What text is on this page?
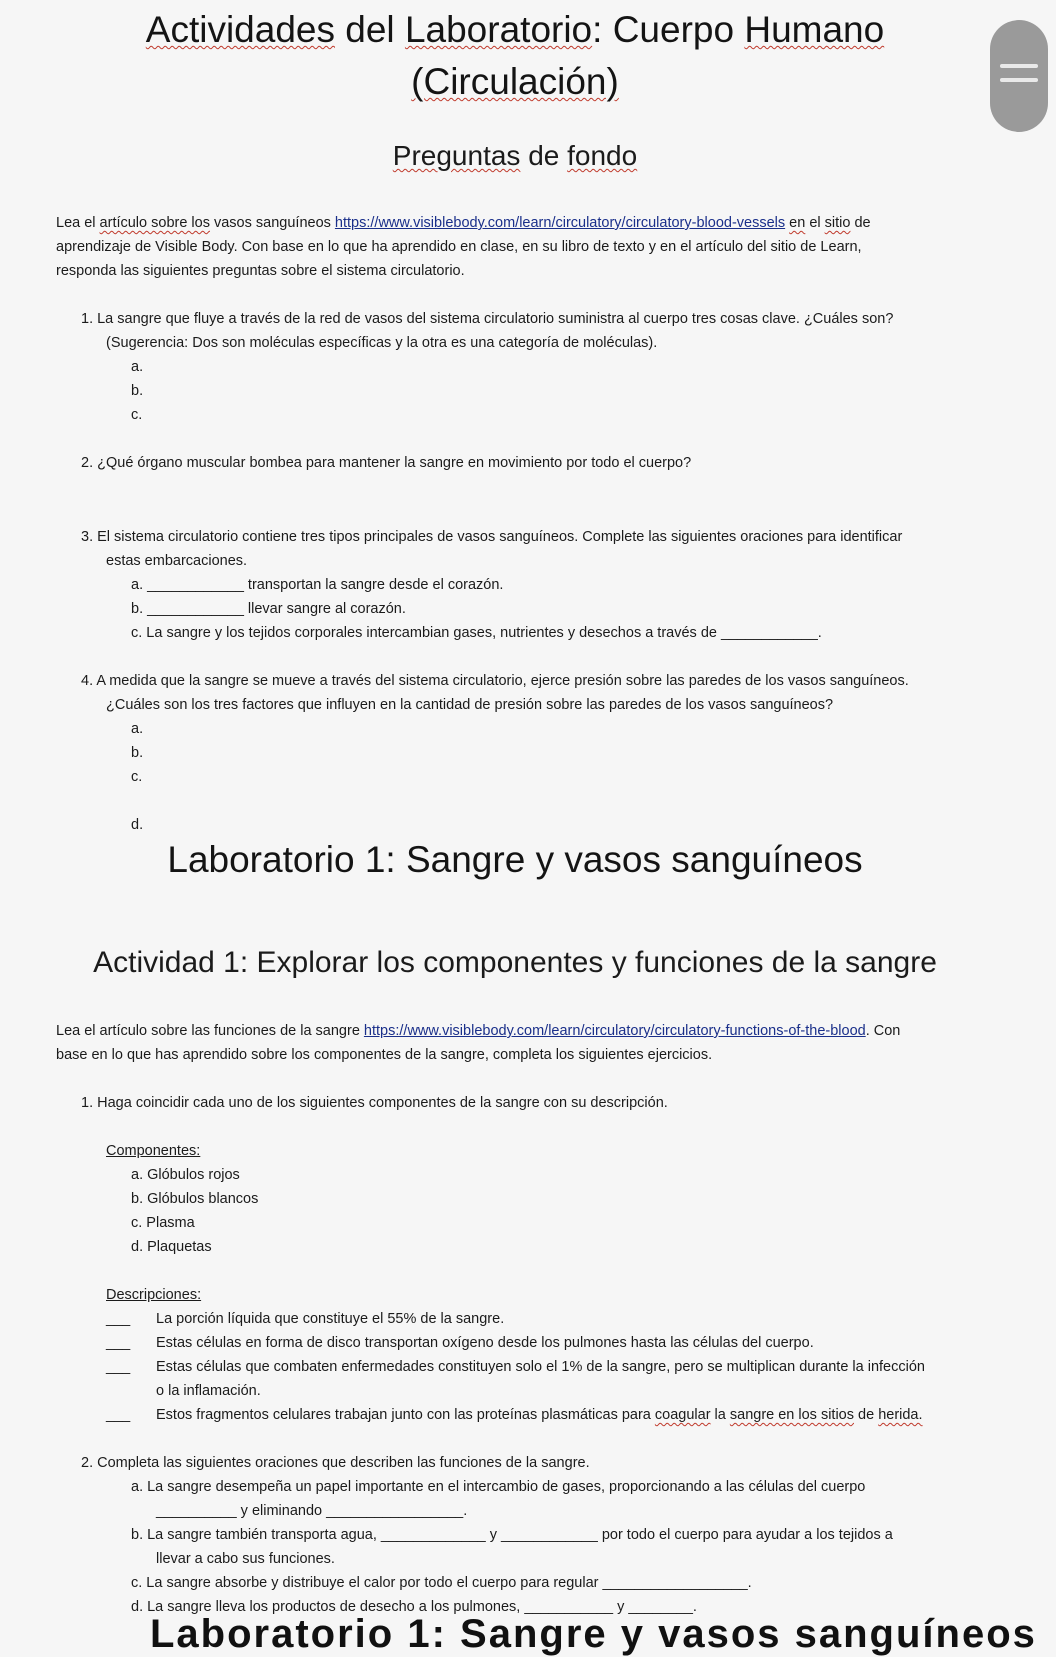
Actividades del Laboratorio: Cuerpo Humano
(Circulación)
Preguntas de fondo
Lea el artículo sobre los vasos sanguíneos https://www.visiblebody.com/learn/circulatory/circulatory-blood-vessels en el sitio de
aprendizaje de Visible Body. Con base en lo que ha aprendido en clase, en su libro de texto y en el artículo del sitio de Learn,
responda las siguientes preguntas sobre el sistema circulatorio.
1. La sangre que fluye a través de la red de vasos del sistema circulatorio suministra al cuerpo tres cosas clave. ¿Cuáles son?
(Sugerencia: Dos son moléculas específicas y la otra es una categoría de moléculas).
a.
b.
c.
2. ¿Qué órgano muscular bombea para mantener la sangre en movimiento por todo el cuerpo?
3. El sistema circulatorio contiene tres tipos principales de vasos sanguíneos. Complete las siguientes oraciones para identificar
estas embarcaciones.
a. ____________ transportan la sangre desde el corazón.
b. ____________ llevar sangre al corazón.
c. La sangre y los tejidos corporales intercambian gases, nutrientes y desechos a través de ____________.
4. A medida que la sangre se mueve a través del sistema circulatorio, ejerce presión sobre las paredes de los vasos sanguíneos.
¿Cuáles son los tres factores que influyen en la cantidad de presión sobre las paredes de los vasos sanguíneos?
a.
b.
c.
d.
Laboratorio 1: Sangre y vasos sanguíneos
Actividad 1: Explorar los componentes y funciones de la sangre
Lea el artículo sobre las funciones de la sangre https://www.visiblebody.com/learn/circulatory/circulatory-functions-of-the-blood. Con
base en lo que has aprendido sobre los componentes de la sangre, completa los siguientes ejercicios.
1. Haga coincidir cada uno de los siguientes componentes de la sangre con su descripción.
Componentes:
a. Glóbulos rojos
b. Glóbulos blancos
c. Plasma
d. Plaquetas
Descripciones:
___ La porción líquida que constituye el 55% de la sangre.
___ Estas células en forma de disco transportan oxígeno desde los pulmones hasta las células del cuerpo.
___ Estas células que combaten enfermedades constituyen solo el 1% de la sangre, pero se multiplican durante la infección
o la inflamación.
___ Estos fragmentos celulares trabajan junto con las proteínas plasmáticas para coagular la sangre en los sitios de herida.
2. Completa las siguientes oraciones que describen las funciones de la sangre.
a. La sangre desempeña un papel importante en el intercambio de gases, proporcionando a las células del cuerpo
__________ y eliminando _________________.
b. La sangre también transporta agua, _____________ y ____________ por todo el cuerpo para ayudar a los tejidos a
llevar a cabo sus funciones.
c. La sangre absorbe y distribuye el calor por todo el cuerpo para regular __________________.
d. La sangre lleva los productos de desecho a los pulmones, ___________ y ________.
Laboratorio 1: Sangre y vasos sanguíneos
